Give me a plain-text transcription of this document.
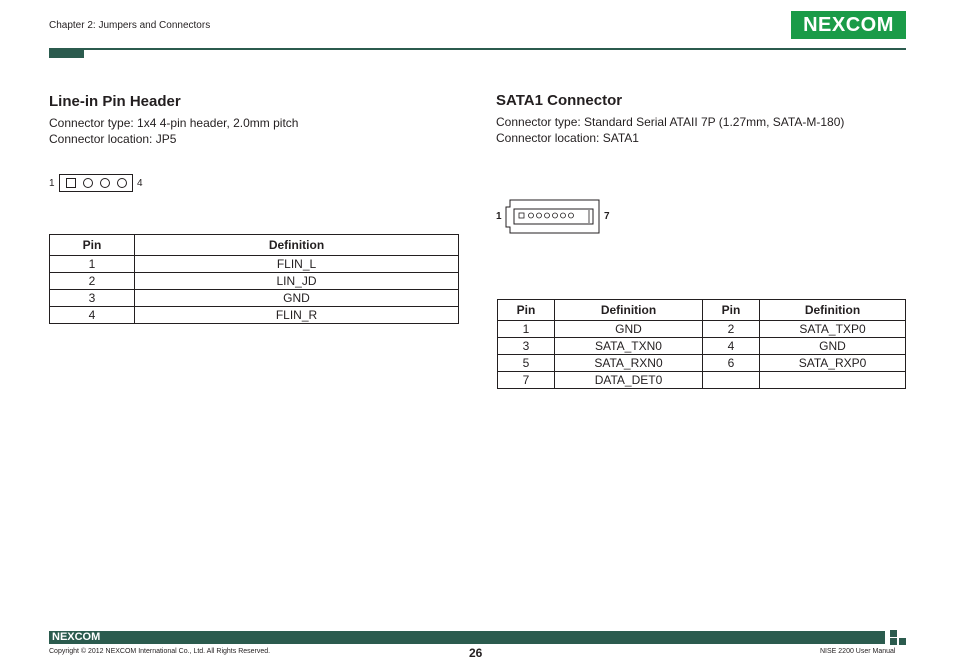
Chapter 2: Jumpers and Connectors	NEXCOM
Line-in Pin Header
Connector type: 1x4 4-pin header, 2.0mm pitch
Connector location: JP5
1	4
Pin	Definition
1	FLIN_L
2	LIN_JD
3	GND
4	FLIN_R
SATA1 Connector
Connector type: Standard Serial ATAII 7P (1.27mm, SATA-M-180)
Connector location: SATA1
1	7
Pin	Definition	Pin	Definition
1	GND	2	SATA_TXP0
3	SATA_TXN0	4	GND
5	SATA_RXN0	6	SATA_RXP0
7	DATA_DET0		
NEXCOM
Copyright © 2012 NEXCOM International Co., Ltd. All Rights Reserved.	26	NISE 2200 User Manual
